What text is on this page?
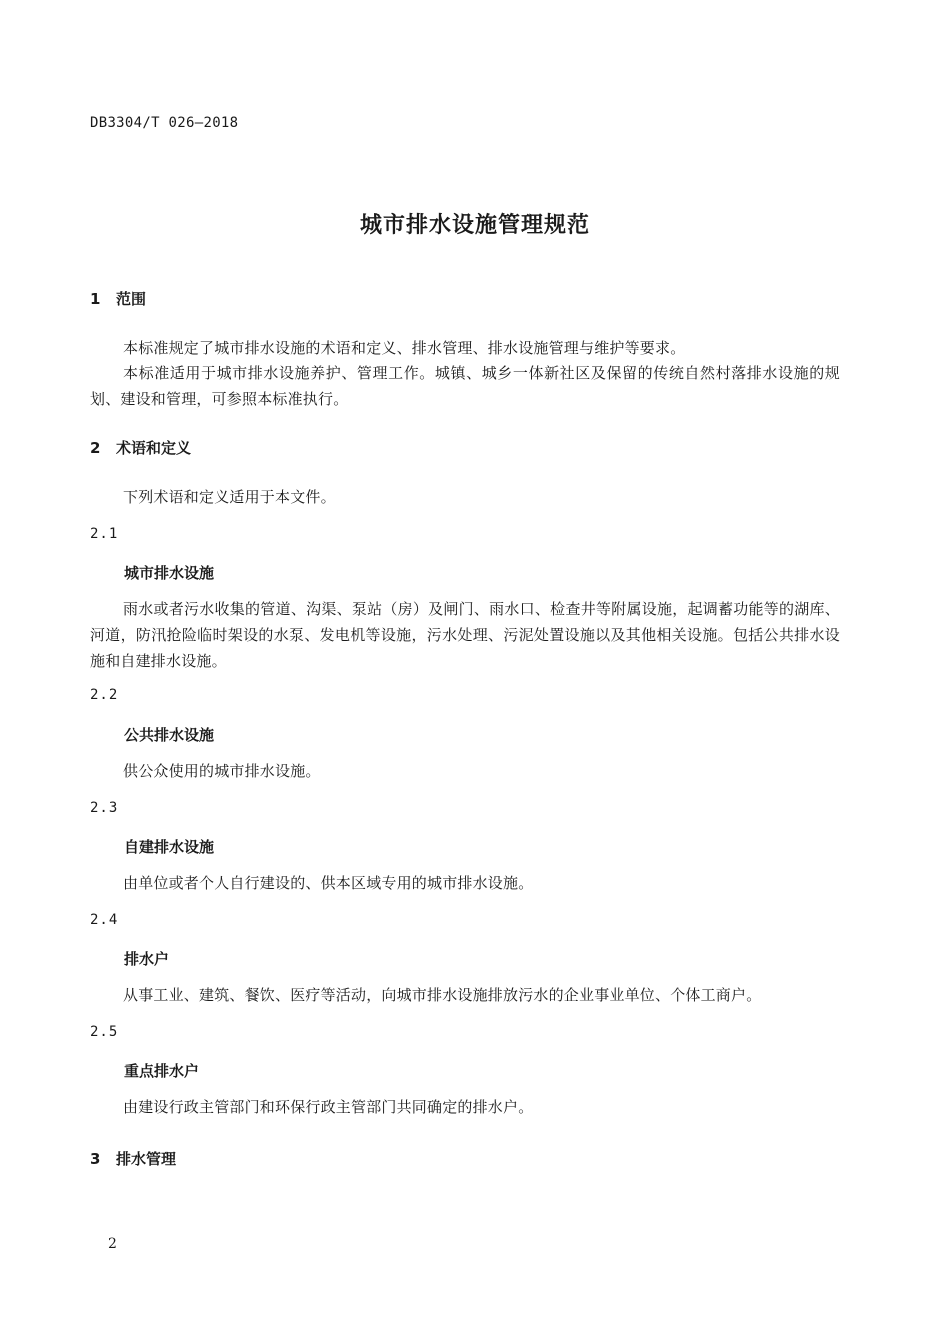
DB3304/T 026—2018
城市排水设施管理规范
1 范围
本标准规定了城市排水设施的术语和定义、排水管理、排水设施管理与维护等要求。
本标准适用于城市排水设施养护、管理工作。城镇、城乡一体新社区及保留的传统自然村落排水设施的规划、建设和管理，可参照本标准执行。
2 术语和定义
下列术语和定义适用于本文件。
2.1
城市排水设施
雨水或者污水收集的管道、沟渠、泵站（房）及闸门、雨水口、检查井等附属设施，起调蓄功能等的湖库、河道，防汛抢险临时架设的水泵、发电机等设施，污水处理、污泥处置设施以及其他相关设施。包括公共排水设施和自建排水设施。
2.2
公共排水设施
供公众使用的城市排水设施。
2.3
自建排水设施
由单位或者个人自行建设的、供本区域专用的城市排水设施。
2.4
排水户
从事工业、建筑、餐饮、医疗等活动，向城市排水设施排放污水的企业事业单位、个体工商户。
2.5
重点排水户
由建设行政主管部门和环保行政主管部门共同确定的排水户。
3 排水管理
2
